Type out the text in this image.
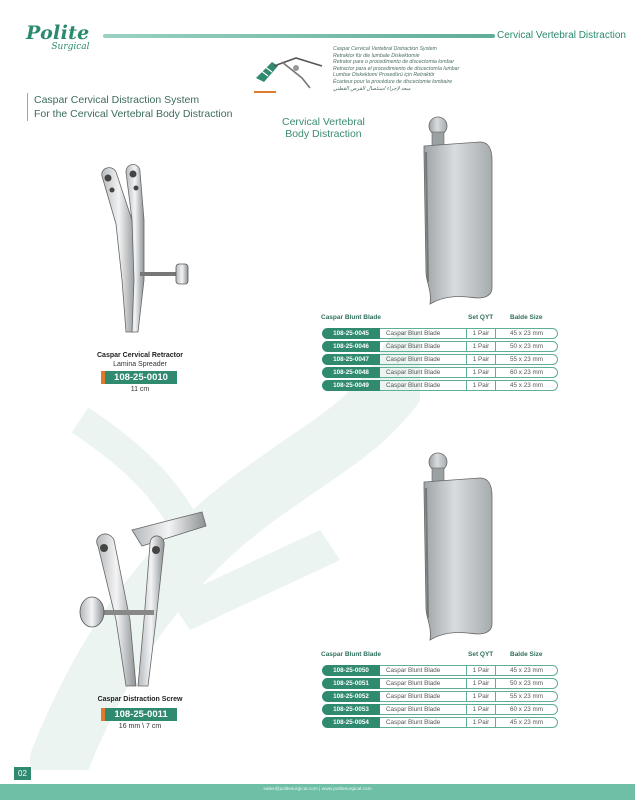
Polite
Surgical
Cervical Vertebral Distraction
Caspar Cervical Vertebral Distraction System
Retraktor für die lumbale Diskektomie
Retrator para o procedimento de discectomia lombar
Retractor para el procedimiento de discectomía lumbar
Lumbar Diskektomi Prosedürü için Retraktör
Écarteur pour la procédure de discectomie lombaire
مبعد لإجراء استئصال القرص القطني
Caspar Cervical Distraction System
For the Cervical Vertebral Body Distraction
Cervical Vertebral
Body Distraction
Caspar Cervical Retractor
Lamina Spreader
108-25-0010
11 cm
Caspar Blunt Blade	Set QYT	Balde Size
108-25-0045	Caspar Blunt Blade	1 Pair	45 x 23 mm
108-25-0046	Caspar Blunt Blade	1 Pair	50 x 23 mm
108-25-0047	Caspar Blunt Blade	1 Pair	55 x 23 mm
108-25-0048	Caspar Blunt Blade	1 Pair	60 x 23 mm
108-25-0049	Caspar Blunt Blade	1 Pair	45 x 23 mm
Caspar Distraction Screw
108-25-0011
16 mm \ 7 cm
Caspar Blunt Blade	Set QYT	Balde Size
108-25-0050	Caspar Blunt Blade	1 Pair	45 x 23 mm
108-25-0051	Caspar Blunt Blade	1 Pair	50 x 23 mm
108-25-0052	Caspar Blunt Blade	1 Pair	55 x 23 mm
108-25-0053	Caspar Blunt Blade	1 Pair	60 x 23 mm
108-25-0054	Caspar Blunt Blade	1 Pair	45 x 23 mm
02
sales@politesurgical.com | www.politesurgical.com
